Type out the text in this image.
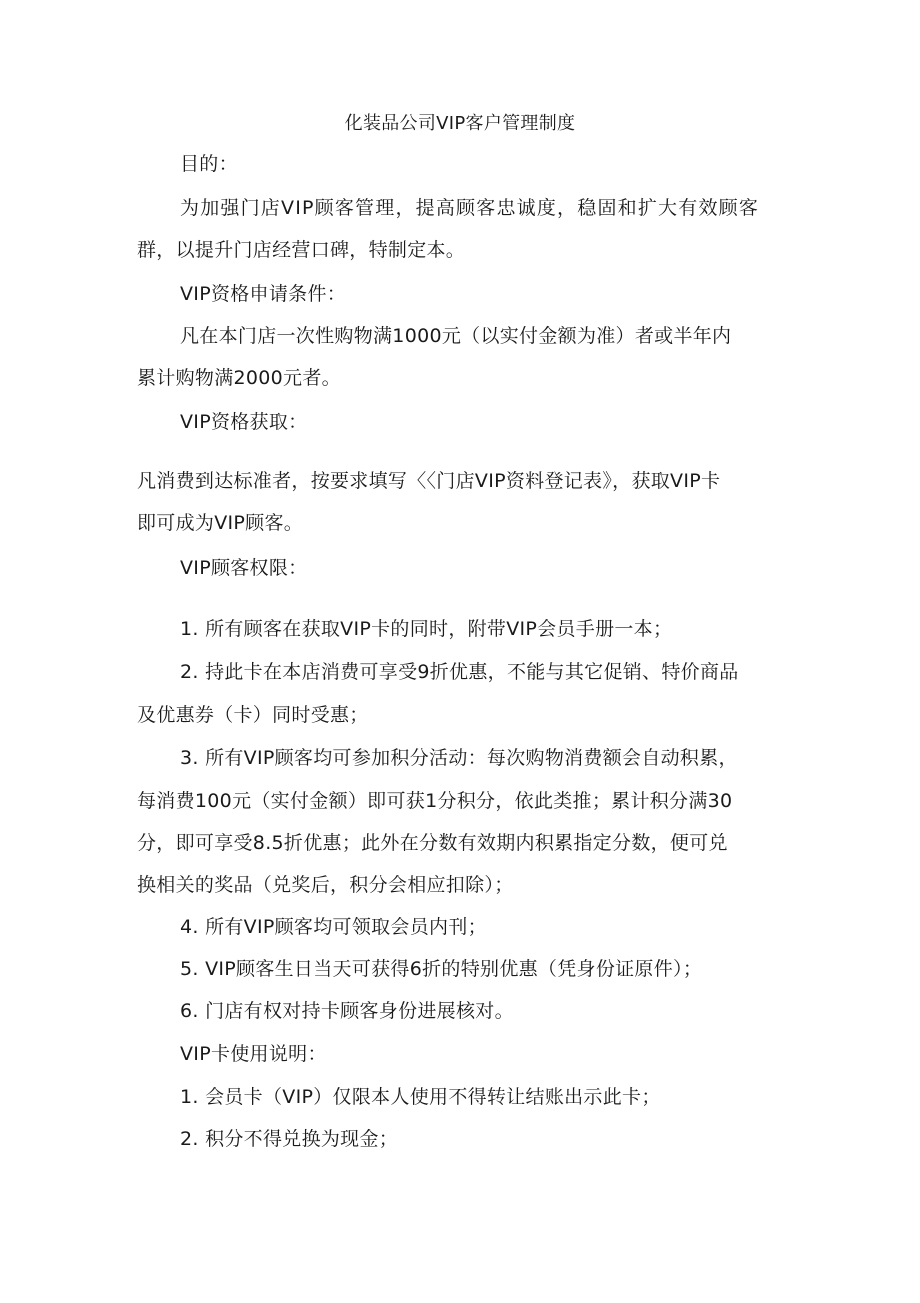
化装品公司VIP客户管理制度
目的：
为加强门店VIP顾客管理，提高顾客忠诚度，稳固和扩大有效顾客
群，以提升门店经营口碑，特制定本。
VIP资格申请条件：
凡在本门店一次性购物满1000元（以实付金额为准）者或半年内
累计购物满2000元者。
VIP资格获取：
凡消费到达标准者，按要求填写〈〈门店VIP资料登记表》，获取VIP卡
即可成为VIP顾客。
VIP顾客权限：
1. 所有顾客在获取VIP卡的同时，附带VIP会员手册一本；
2. 持此卡在本店消费可享受9折优惠，不能与其它促销、特价商品
及优惠券（卡）同时受惠；
3. 所有VIP顾客均可参加积分活动：每次购物消费额会自动积累，
每消费100元（实付金额）即可获1分积分，依此类推；累计积分满30
分，即可享受8.5折优惠；此外在分数有效期内积累指定分数，便可兑
换相关的奖品（兑奖后，积分会相应扣除）；
4. 所有VIP顾客均可领取会员内刊；
5. VIP顾客生日当天可获得6折的特别优惠（凭身份证原件）；
6. 门店有权对持卡顾客身份进展核对。
VIP卡使用说明：
1. 会员卡（VIP）仅限本人使用不得转让结账出示此卡；
2. 积分不得兑换为现金；
